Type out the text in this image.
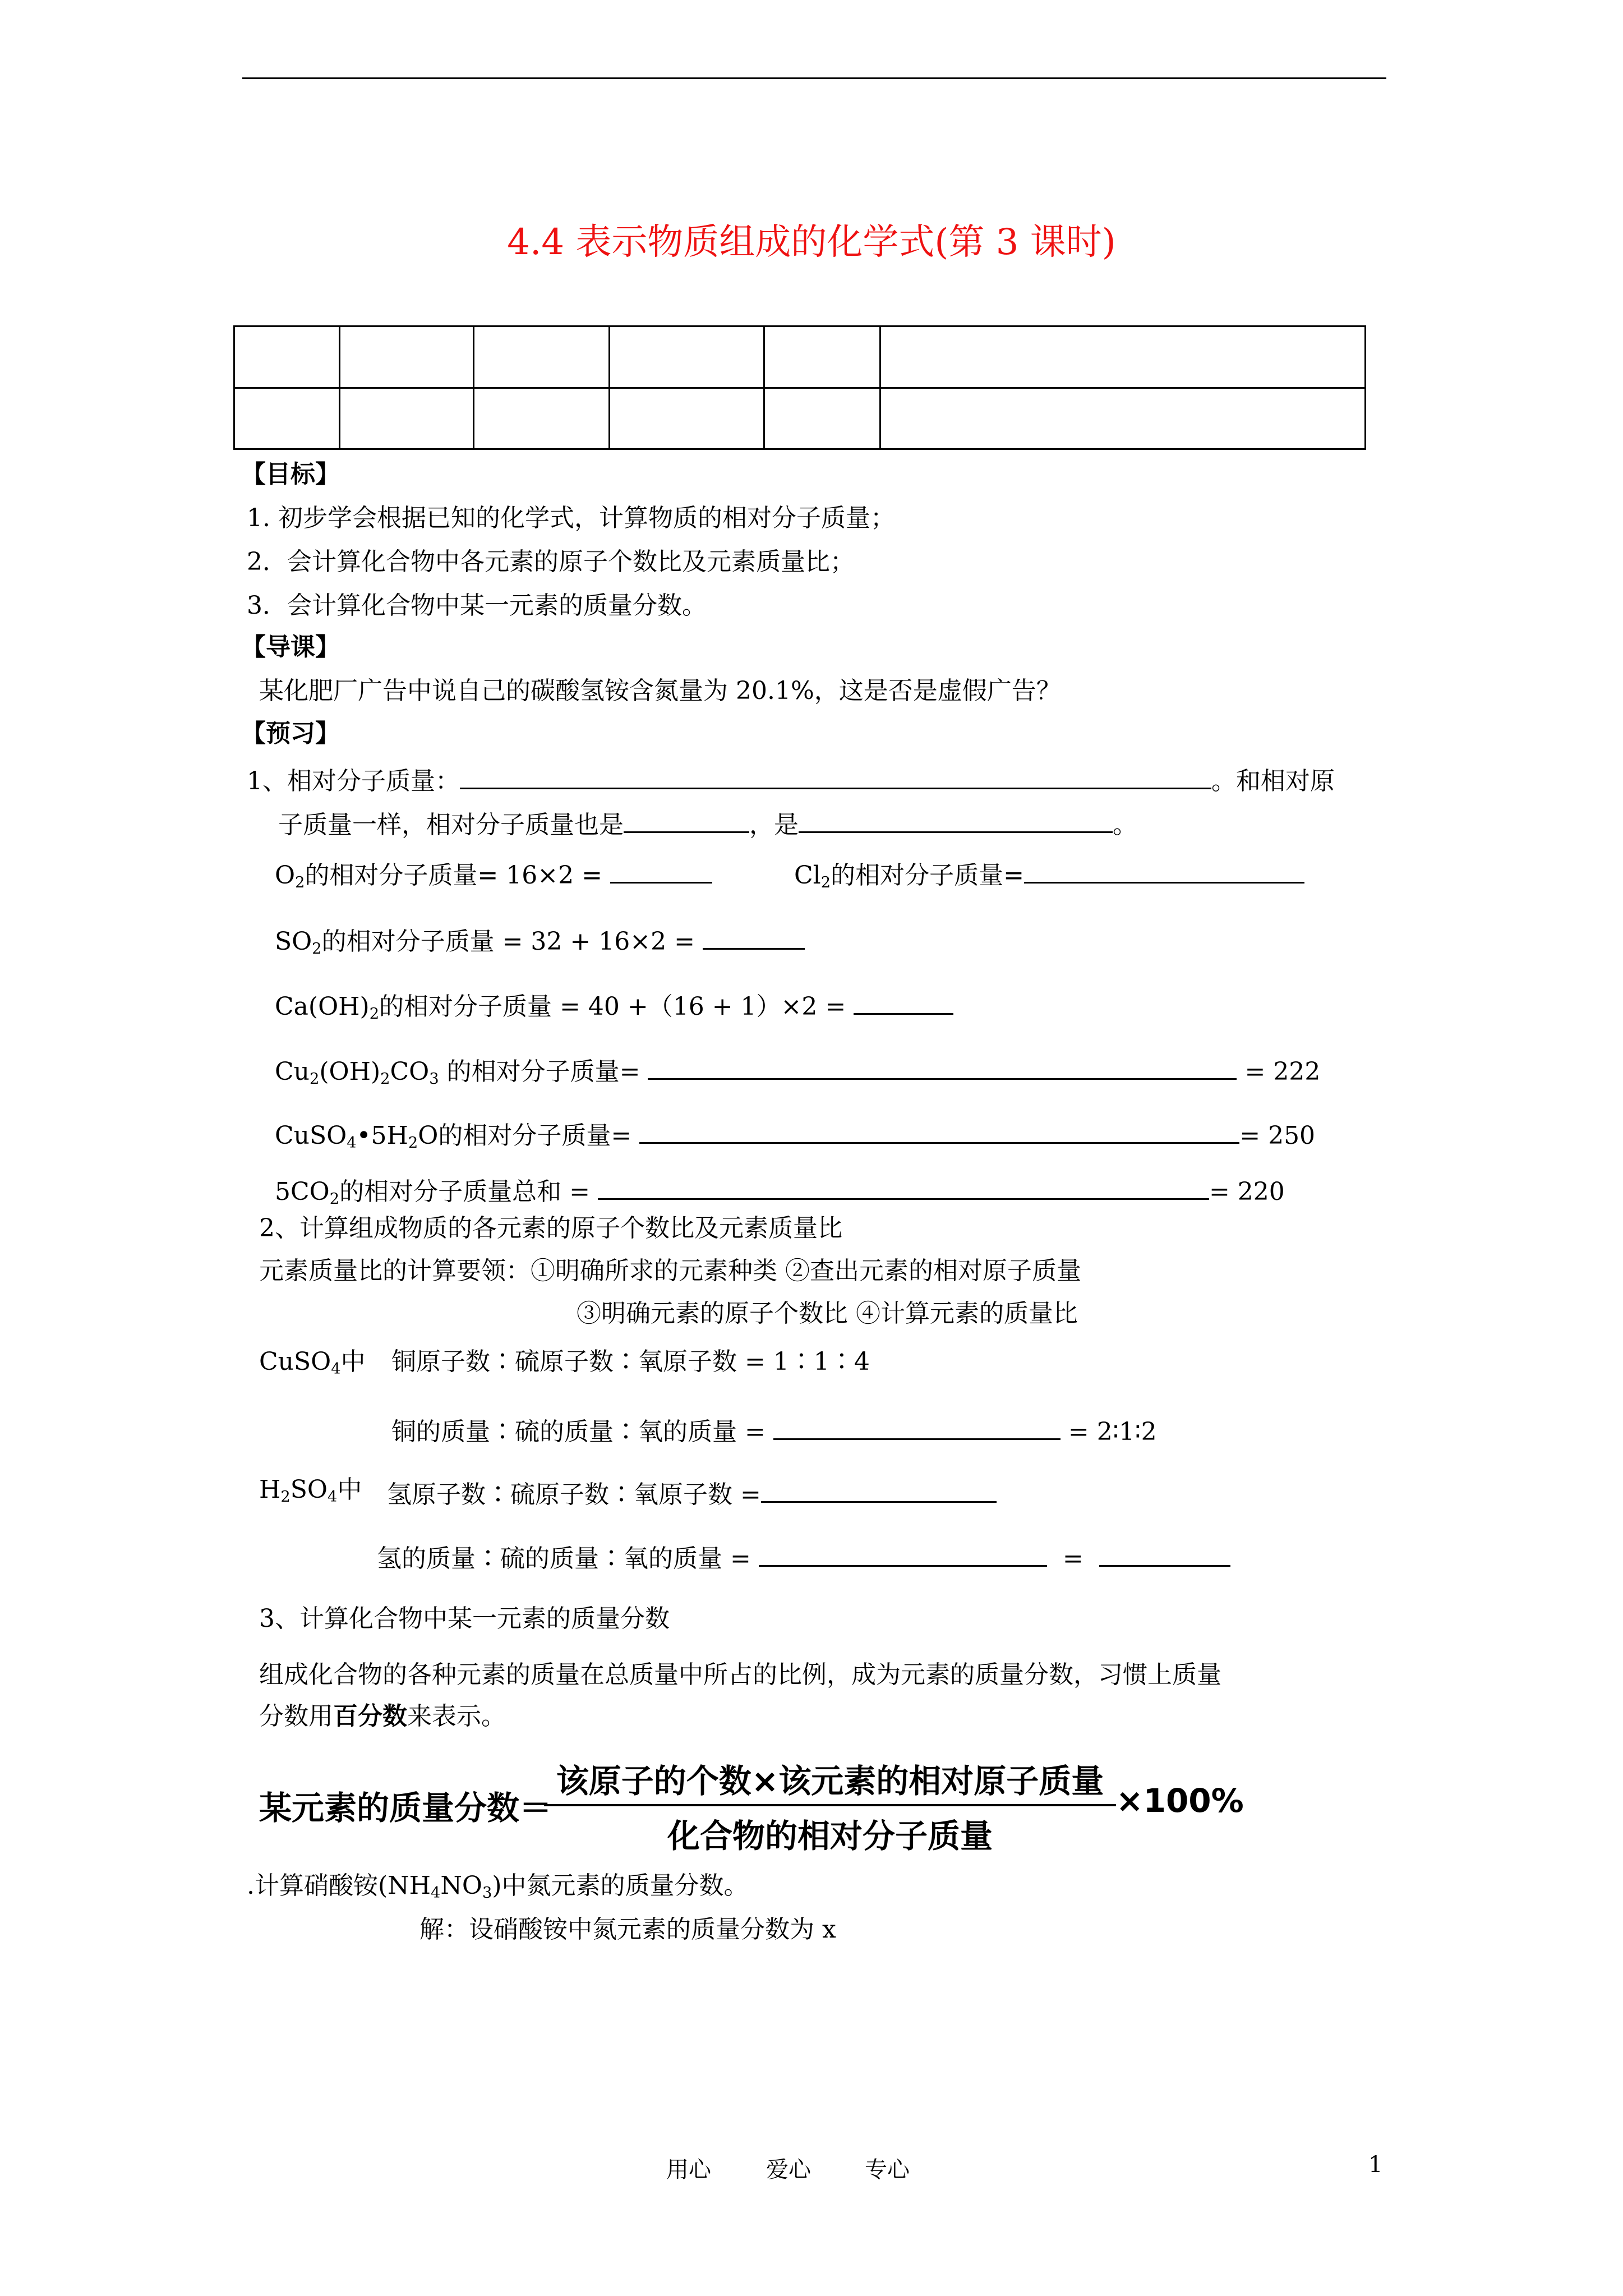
4.4 表示物质组成的化学式(第 3 课时)

【目标】
1. 初步学会根据已知的化学式，计算物质的相对分子质量；
2．会计算化合物中各元素的原子个数比及元素质量比；
3．会计算化合物中某一元素的质量分数。
【导课】
某化肥厂广告中说自己的碳酸氢铵含氮量为 20.1%，这是否是虚假广告？
【预习】
1、相对分子质量：	。和相对原
子质量一样，相对分子质量也是	，是	。
$O_2$的相对分子质量= 16×2 =	$Cl_2$的相对分子质量=
$SO_2$的相对分子质量 = 32 + 16×2 =
$Ca(OH)_2$的相对分子质量 = 40 +（16 + 1）×2 =
$Cu_2(OH)_2CO_3$ 的相对分子质量=	= 222
$CuSO_4•5H_2O$的相对分子质量=	= 250
$5CO_2$的相对分子质量总和 =	= 220
2、计算组成物质的各元素的原子个数比及元素质量比
元素质量比的计算要领：①明确所求的元素种类 ②查出元素的相对原子质量
③明确元素的原子个数比 ④计算元素的质量比
CuSO$_4$中 铜原子数∶硫原子数∶氧原子数 = 1∶1∶4
铜的质量∶硫的质量∶氧的质量 =	= 2∶1∶2
$H_2SO_4$中 氢原子数∶硫原子数∶氧原子数 =
氢的质量∶硫的质量∶氧的质量 =	=
3、计算化合物中某一元素的质量分数
组成化合物的各种元素的质量在总质量中所占的比例，成为元素的质量分数，习惯上质量
分数用百分数来表示。
某元素的质量分数＝
该原子的个数×该元素的相对原子质量
化合物的相对分子质量
×100%
.计算硝酸铵$(NH_4NO_3)$中氮元素的质量分数。
解：设硝酸铵中氮元素的质量分数为 x
用心 爱心 专心	1
